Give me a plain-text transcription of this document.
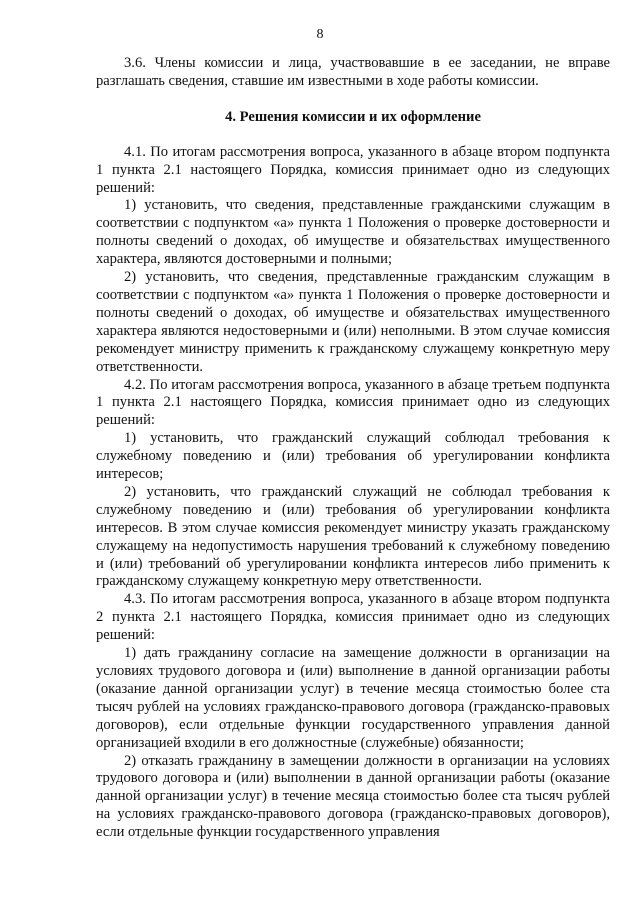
8

3.6. Члены комиссии и лица, участвовавшие в ее заседании, не вправе разглашать сведения, ставшие им известными в ходе работы комиссии.

4. Решения комиссии и их оформление

4.1. По итогам рассмотрения вопроса, указанного в абзаце втором подпункта 1 пункта 2.1 настоящего Порядка, комиссия принимает одно из следующих решений:

1) установить, что сведения, представленные гражданскими служащим в соответствии с подпунктом «а» пункта 1 Положения о проверке достоверности и полноты сведений о доходах, об имуществе и обязательствах имущественного характера, являются достоверными и полными;

2) установить, что сведения, представленные гражданским служащим в соответствии с подпунктом «а» пункта 1 Положения о проверке достоверности и полноты сведений о доходах, об имуществе и обязательствах имущественного характера являются недостоверными и (или) неполными. В этом случае комиссия рекомендует министру применить к гражданскому служащему конкретную меру ответственности.

4.2. По итогам рассмотрения вопроса, указанного в абзаце третьем подпункта 1 пункта 2.1 настоящего Порядка, комиссия принимает одно из следующих решений:

1) установить, что гражданский служащий соблюдал требования к служебному поведению и (или) требования об урегулировании конфликта интересов;

2) установить, что гражданский служащий не соблюдал требования к служебному поведению и (или) требования об урегулировании конфликта интересов. В этом случае комиссия рекомендует министру указать гражданскому служащему на недопустимость нарушения требований к служебному поведению и (или) требований об урегулировании конфликта интересов либо применить к гражданскому служащему конкретную меру ответственности.

4.3. По итогам рассмотрения вопроса, указанного в абзаце втором подпункта 2 пункта 2.1 настоящего Порядка, комиссия принимает одно из следующих решений:

1) дать гражданину согласие на замещение должности в организации на условиях трудового договора и (или) выполнение в данной организации работы (оказание данной организации услуг) в течение месяца стоимостью более ста тысяч рублей на условиях гражданско-правового договора (гражданско-правовых договоров), если отдельные функции государственного управления данной организацией входили в его должностные (служебные) обязанности;

2) отказать гражданину в замещении должности в организации на условиях трудового договора и (или) выполнении в данной организации работы (оказание данной организации услуг) в течение месяца стоимостью более ста тысяч рублей на условиях гражданско-правового договора (гражданско-правовых договоров), если отдельные функции государственного управления
